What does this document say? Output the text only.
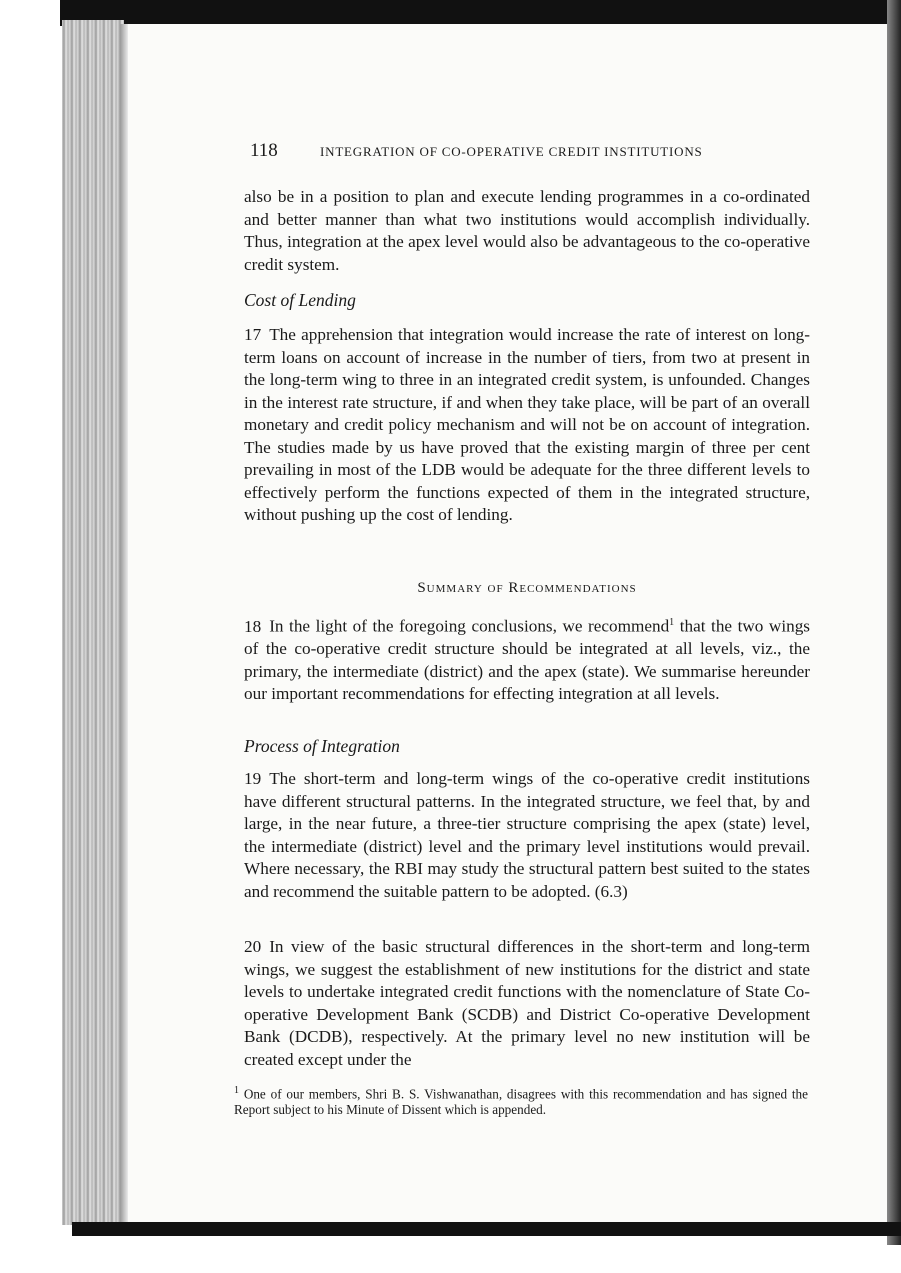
118	INTEGRATION OF CO-OPERATIVE CREDIT INSTITUTIONS
also be in a position to plan and execute lending programmes in a co-ordinated and better manner than what two institutions would accomplish individually. Thus, integration at the apex level would also be advantageous to the co-operative credit system.
Cost of Lending
17 The apprehension that integration would increase the rate of interest on long-term loans on account of increase in the number of tiers, from two at present in the long-term wing to three in an integrated credit system, is unfounded. Changes in the interest rate structure, if and when they take place, will be part of an overall monetary and credit policy mechanism and will not be on account of integration. The studies made by us have proved that the existing margin of three per cent prevailing in most of the LDB would be adequate for the three different levels to effectively perform the functions expected of them in the integrated structure, without pushing up the cost of lending.
Summary of Recommendations
18 In the light of the foregoing conclusions, we recommend$^1$ that the two wings of the co-operative credit structure should be integrated at all levels, viz., the primary, the intermediate (district) and the apex (state). We summarise hereunder our important recommendations for effecting integration at all levels.
Process of Integration
19 The short-term and long-term wings of the co-operative credit institutions have different structural patterns. In the integrated structure, we feel that, by and large, in the near future, a three-tier structure comprising the apex (state) level, the intermediate (district) level and the primary level institutions would prevail. Where necessary, the RBI may study the structural pattern best suited to the states and recommend the suitable pattern to be adopted. (6.3)
20 In view of the basic structural differences in the short-term and long-term wings, we suggest the establishment of new institutions for the district and state levels to undertake integrated credit functions with the nomenclature of State Co-operative Development Bank (SCDB) and District Co-operative Development Bank (DCDB), respectively. At the primary level no new institution will be created except under the
$^1$ One of our members, Shri B. S. Vishwanathan, disagrees with this recommendation and has signed the Report subject to his Minute of Dissent which is appended.
